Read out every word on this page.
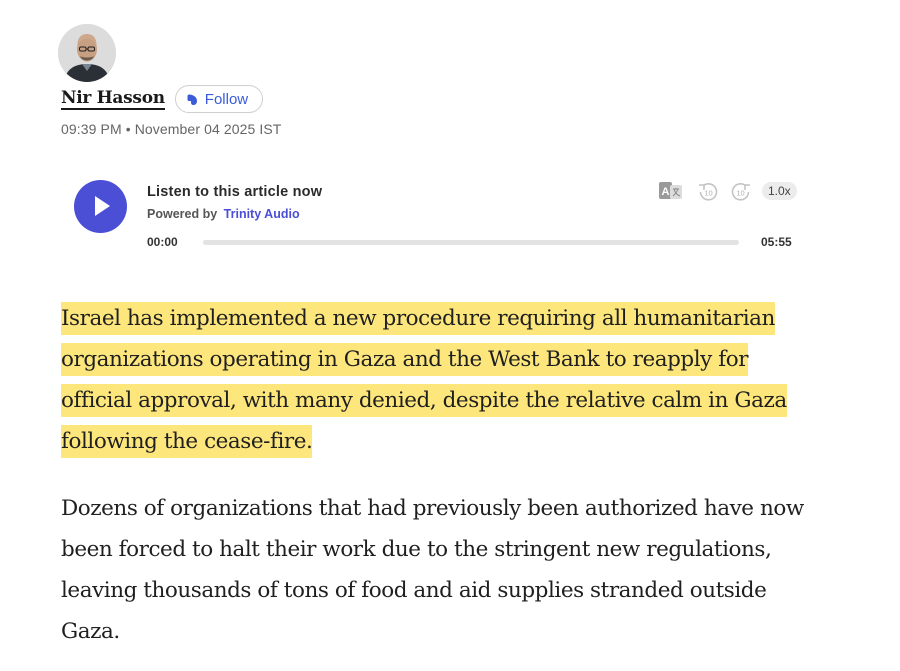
Nir Hasson	Follow
09:39 PM • November 04 2025 IST
Listen to this article now
Powered by Trinity Audio
A	10	10	1.0x
00:00	05:55

Israel has implemented a new procedure requiring all humanitarian
organizations operating in Gaza and the West Bank to reapply for
official approval, with many denied, despite the relative calm in Gaza
following the cease-fire.

Dozens of organizations that had previously been authorized have now
been forced to halt their work due to the stringent new regulations,
leaving thousands of tons of food and aid supplies stranded outside
Gaza.
